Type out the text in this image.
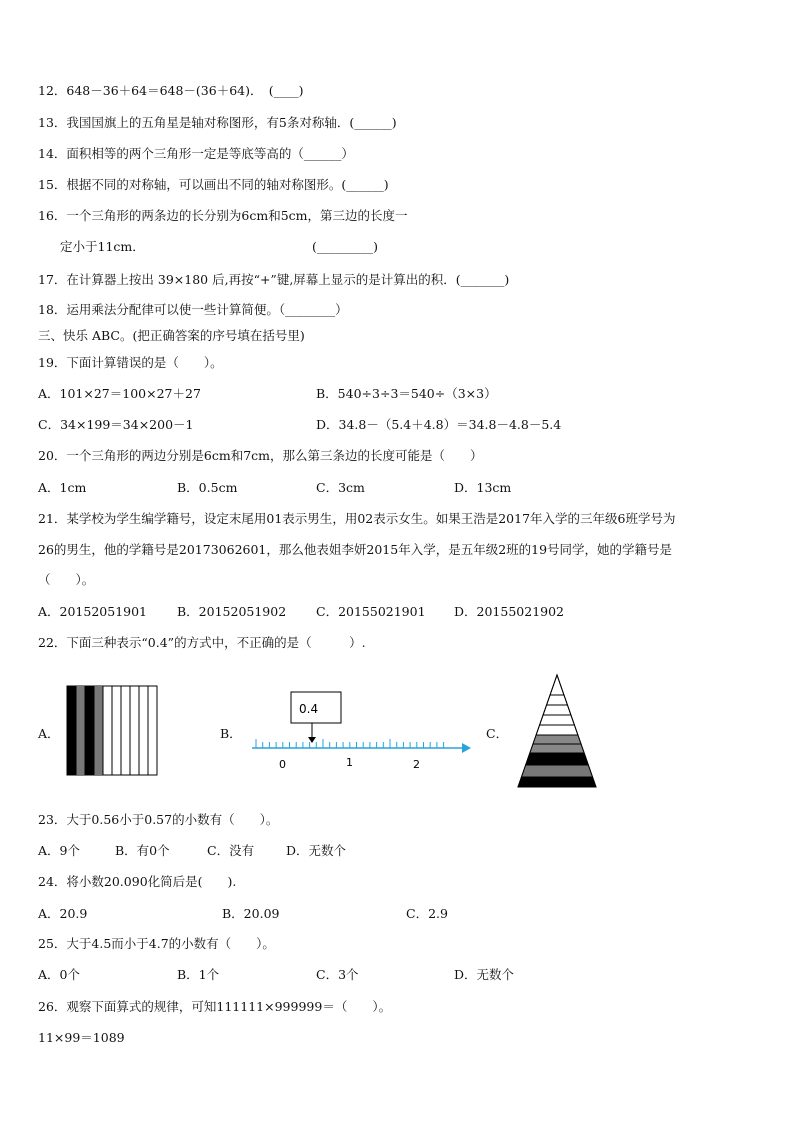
12．648－36＋64＝648－(36＋64)．　(____)
13．我国国旗上的五角星是轴对称图形，有5条对称轴．(______)
14．面积相等的两个三角形一定是等底等高的（______）
15．根据不同的对称轴，可以画出不同的轴对称图形。(______)
16．一个三角形的两条边的长分别为6cm和5cm，第三边的长度一
定小于11cm．	(_________)
17．在计算器上按出 39×180 后,再按“+”键,屏幕上显示的是计算出的积．(_______)
18．运用乘法分配律可以使一些计算简便。（________）
三、快乐 ABC。(把正确答案的序号填在括号里)
19．下面计算错误的是（　　）。
A．101×27＝100×27＋27	B．540÷3÷3＝540÷（3×3）
C．34×199＝34×200－1	D．34.8－（5.4＋4.8）＝34.8－4.8－5.4
20．一个三角形的两边分别是6cm和7cm，那么第三条边的长度可能是（　　）
A．1cm	B．0.5cm	C．3cm	D．13cm
21．某学校为学生编学籍号，设定末尾用01表示男生，用02表示女生。如果王浩是2017年入学的三年级6班学号为
26的男生，他的学籍号是20173062601，那么他表姐李妍2015年入学，是五年级2班的19号同学，她的学籍号是
（　　）。
A．20152051901 B．20152051902 C．20155021901 D．20155021902
22．下面三种表示“0.4”的方式中，不正确的是（　　　）.
A．	B．
0.4
0	1	2
C．
23．大于0.56小于0.57的小数有（　　）。
A．9个	B．有0个	C．没有	D．无数个
24．将小数20.090化简后是(　　).
A．20.9	B．20.09	C．2.9
25．大于4.5而小于4.7的小数有（　　）。
A．0个	B．1个	C．3个	D．无数个
26．观察下面算式的规律，可知111111×999999＝（　　）。
11×99＝1089
